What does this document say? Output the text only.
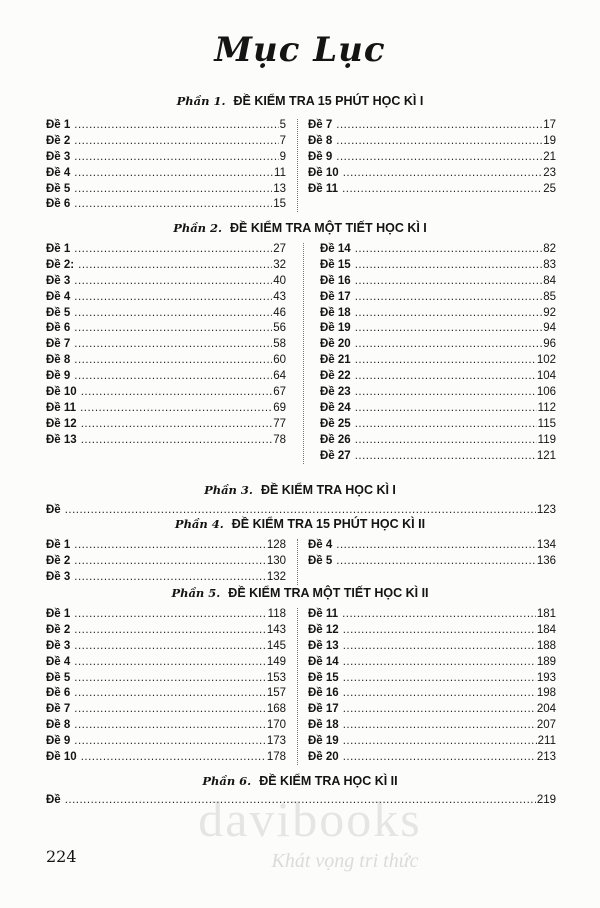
Mục Lục
Phần 1. ĐỀ KIỂM TRA 15 PHÚT HỌC KÌ I
Đề 1 .....	5
Đề 2 .....	7
Đề 3 .....	9
Đề 4 .....	11
Đề 5 .....	13
Đề 6 .....	15
Đề 7 .....	17
Đề 8 .....	19
Đề 9 .....	21
Đề 10 .....	23
Đề 11 .....	25
Phần 2. ĐỀ KIỂM TRA MỘT TIẾT HỌC KÌ I
Đề 1 .....	27
Đề 2: .....	32
Đề 3 .....	40
Đề 4 .....	43
Đề 5 .....	46
Đề 6 .....	56
Đề 7 .....	58
Đề 8 .....	60
Đề 9 .....	64
Đề 10 .....	67
Đề 11 .....	69
Đề 12 .....	77
Đề 13 .....	78
Đề 14 .....	82
Đề 15 .....	83
Đề 16 .....	84
Đề 17 .....	85
Đề 18 .....	92
Đề 19 .....	94
Đề 20 .....	96
Đề 21 .....	102
Đề 22 .....	104
Đề 23 .....	106
Đề 24 .....	112
Đề 25 .....	115
Đề 26 .....	119
Đề 27 .....	121
Phần 3. ĐỀ KIỂM TRA HỌC KÌ I
Đề .....	123
Phần 4. ĐỀ KIỂM TRA 15 PHÚT HỌC KÌ II
Đề 1 .....	128
Đề 2 .....	130
Đề 3 .....	132
Đề 4 .....	134
Đề 5 .....	136
Phần 5. ĐỀ KIỂM TRA MỘT TIẾT HỌC KÌ II
Đề 1 .....	118
Đề 2 .....	143
Đề 3 .....	145
Đề 4 .....	149
Đề 5 .....	153
Đề 6 .....	157
Đề 7 .....	168
Đề 8 .....	170
Đề 9 .....	173
Đề 10 .....	178
Đề 11 .....	181
Đề 12 .....	184
Đề 13 .....	188
Đề 14 .....	189
Đề 15 .....	193
Đề 16 .....	198
Đề 17 .....	204
Đề 18 .....	207
Đề 19 .....	211
Đề 20 .....	213
Phần 6. ĐỀ KIỂM TRA HỌC KÌ II
Đề .....	219
davibooks
Khát vọng tri thức
224
